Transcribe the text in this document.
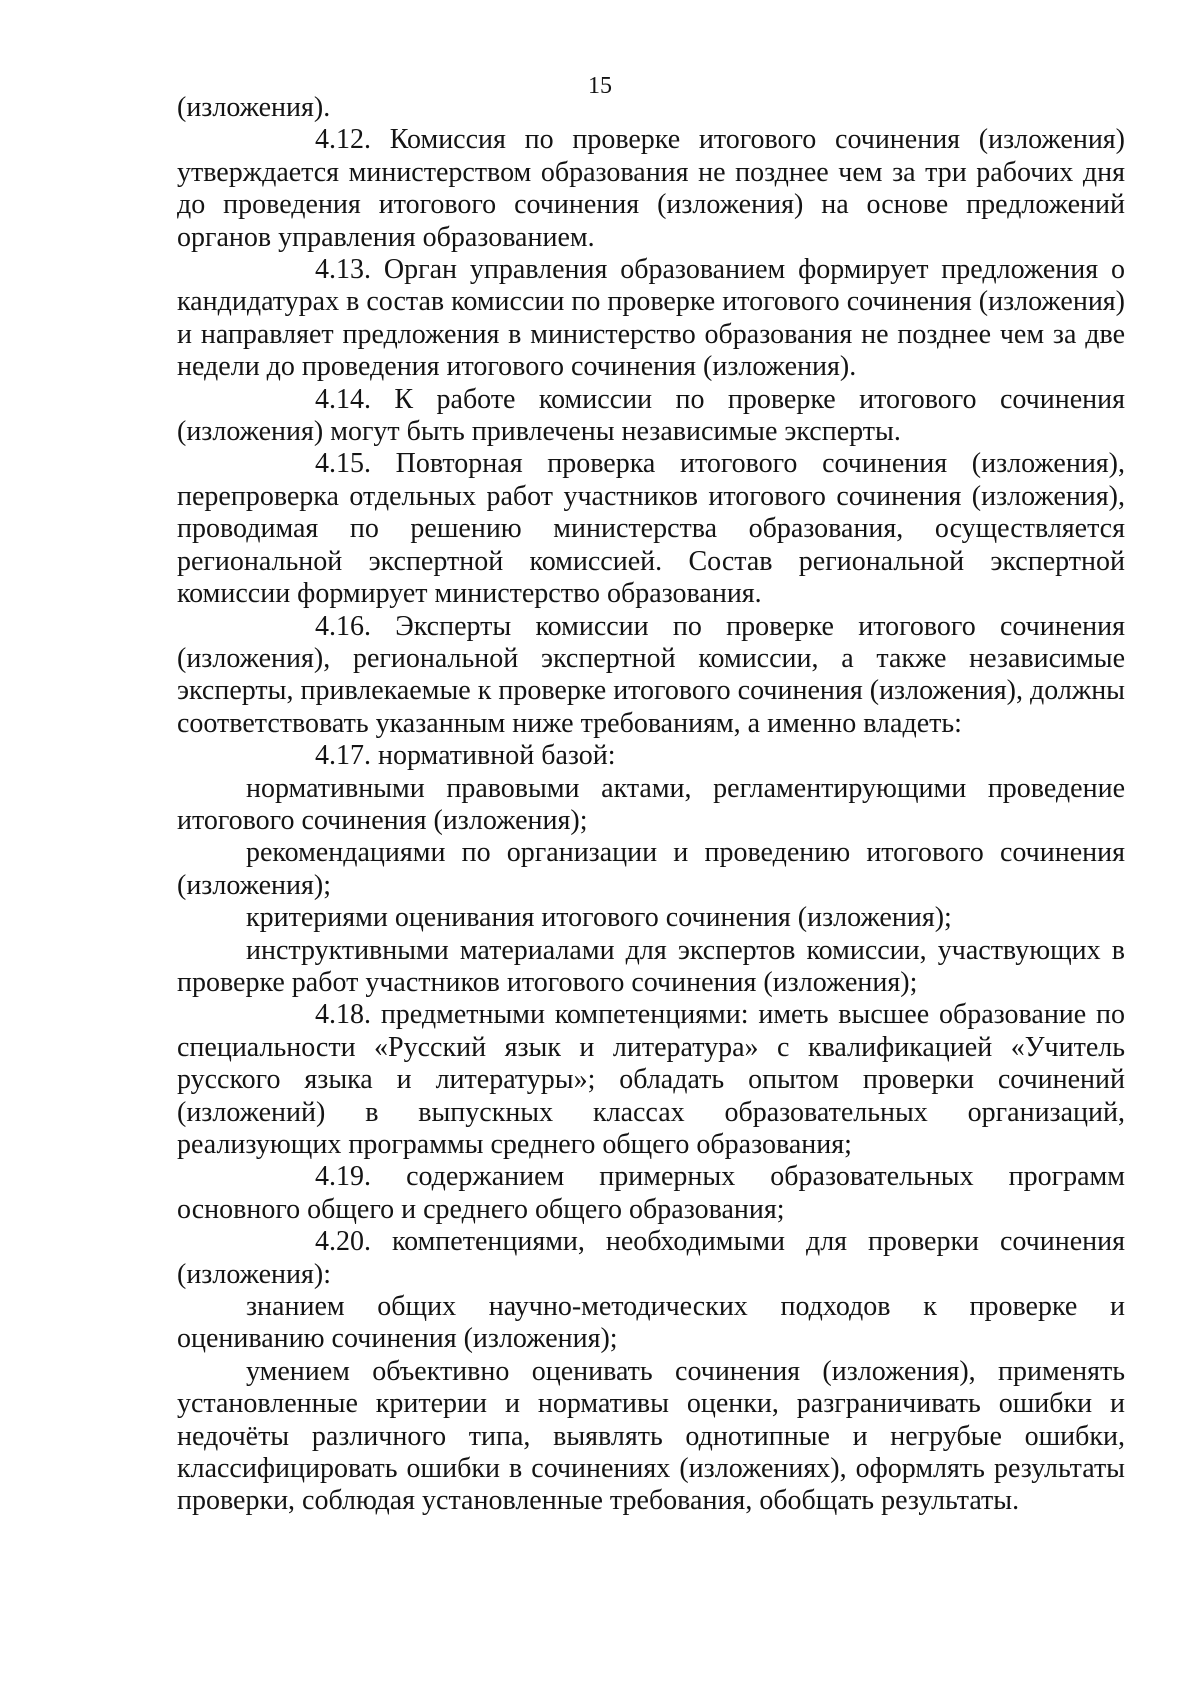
15

(изложения).

4.12. Комиссия по проверке итогового сочинения (изложения) утверждается министерством образования не позднее чем за три рабочих дня до проведения итогового сочинения (изложения) на основе предложений органов управления образованием.

4.13. Орган управления образованием формирует предложения о кандидатурах в состав комиссии по проверке итогового сочинения (изложения) и направляет предложения в министерство образования не позднее чем за две недели до проведения итогового сочинения (изложения).

4.14. К работе комиссии по проверке итогового сочинения (изложения) могут быть привлечены независимые эксперты.

4.15. Повторная проверка итогового сочинения (изложения), перепроверка отдельных работ участников итогового сочинения (изложения), проводимая по решению министерства образования, осуществляется региональной экспертной комиссией. Состав региональной экспертной комиссии формирует министерство образования.

4.16. Эксперты комиссии по проверке итогового сочинения (изложения), региональной экспертной комиссии, а также независимые эксперты, привлекаемые к проверке итогового сочинения (изложения), должны соответствовать указанным ниже требованиям, а именно владеть:

4.17. нормативной базой:

нормативными правовыми актами, регламентирующими проведение итогового сочинения (изложения);

рекомендациями по организации и проведению итогового сочинения (изложения);

критериями оценивания итогового сочинения (изложения);

инструктивными материалами для экспертов комиссии, участвующих в проверке работ участников итогового сочинения (изложения);

4.18. предметными компетенциями: иметь высшее образование по специальности «Русский язык и литература» с квалификацией «Учитель русского языка и литературы»; обладать опытом проверки сочинений (изложений) в выпускных классах образовательных организаций, реализующих программы среднего общего образования;

4.19. содержанием примерных образовательных программ основного общего и среднего общего образования;

4.20. компетенциями, необходимыми для проверки сочинения (изложения):

знанием общих научно-методических подходов к проверке и оцениванию сочинения (изложения);

умением объективно оценивать сочинения (изложения), применять установленные критерии и нормативы оценки, разграничивать ошибки и недочёты различного типа, выявлять однотипные и негрубые ошибки, классифицировать ошибки в сочинениях (изложениях), оформлять результаты проверки, соблюдая установленные требования, обобщать результаты.
